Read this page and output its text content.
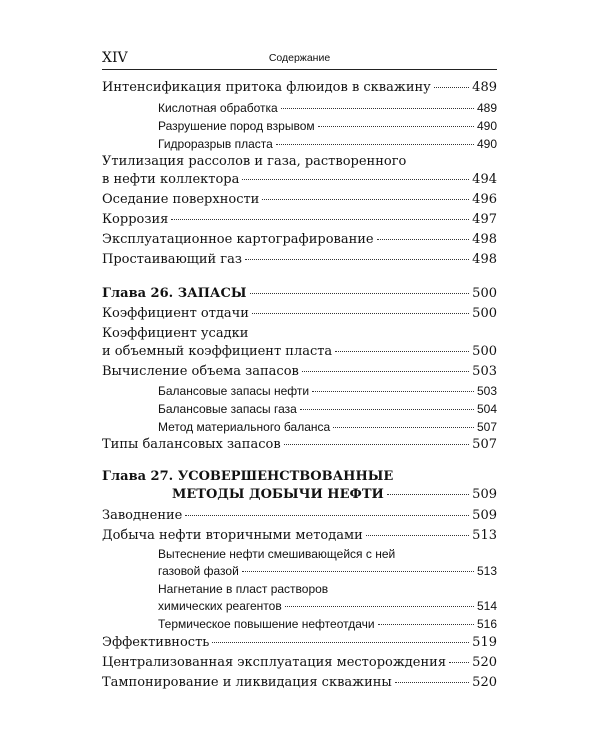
XIV	Содержание
Интенсификация притока флюидов в скважину	489
Кислотная обработка	489
Разрушение пород взрывом	490
Гидроразрыв пласта	490
Утилизация рассолов и газа, растворенного
в нефти коллектора	494
Оседание поверхности	496
Коррозия	497
Эксплуатационное картографирование	498
Простаивающий газ	498
Глава 26. ЗАПАСЫ	500
Коэффициент отдачи	500
Коэффициент усадки
и объемный коэффициент пласта	500
Вычисление объема запасов	503
Балансовые запасы нефти	503
Балансовые запасы газа	504
Метод материального баланса	507
Типы балансовых запасов	507
Глава 27. УСОВЕРШЕНСТВОВАННЫЕ
МЕТОДЫ ДОБЫЧИ НЕФТИ	509
Заводнение	509
Добыча нефти вторичными методами	513
Вытеснение нефти смешивающейся с ней
газовой фазой	513
Нагнетание в пласт растворов
химических реагентов	514
Термическое повышение нефтеотдачи	516
Эффективность	519
Централизованная эксплуатация месторождения 520
Тампонирование и ликвидация скважины	520
